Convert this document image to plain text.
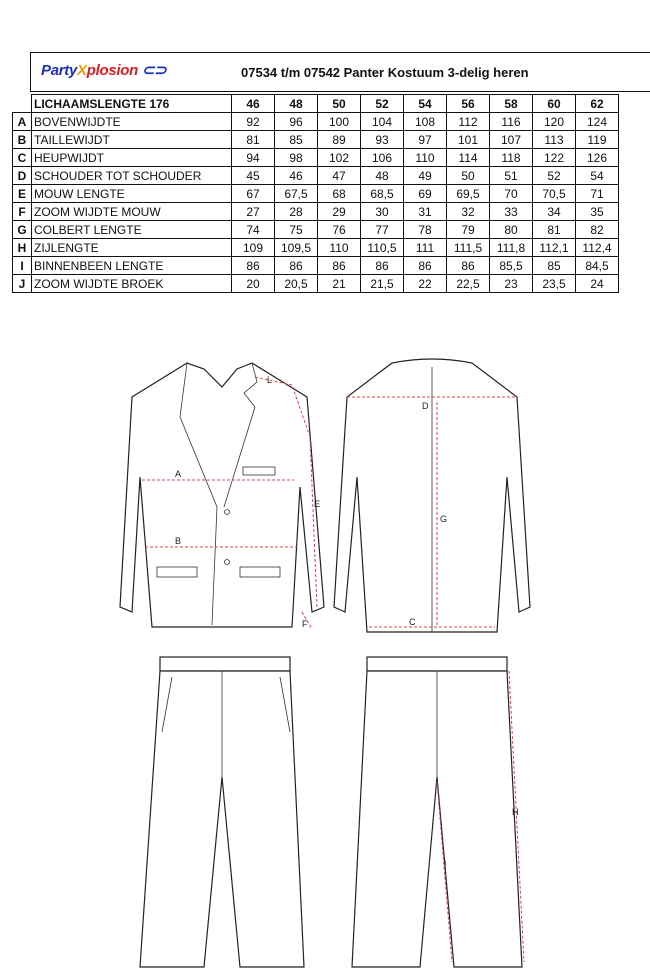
PartyXplosion ⊂⊃	07534 t/m 07542 Panter Kostuum 3-delig heren
	LICHAAMSLENGTE 176	46	48	50	52	54	56	58	60	62
A	BOVENWIJDTE	92	96	100	104	108	112	116	120	124
B	TAILLEWIJDT	81	85	89	93	97	101	107	113	119
C	HEUPWIJDT	94	98	102	106	110	114	118	122	126
D	SCHOUDER TOT SCHOUDER	45	46	47	48	49	50	51	52	54
E	MOUW LENGTE	67	67,5	68	68,5	69	69,5	70	70,5	71
F	ZOOM WIJDTE MOUW	27	28	29	30	31	32	33	34	35
G	COLBERT LENGTE	74	75	76	77	78	79	80	81	82
H	ZIJLENGTE	109	109,5	110	110,5	111	111,5	111,8	112,1	112,4
I	BINNENBEEN LENGTE	86	86	86	86	86	86	85,5	85	84,5
J	ZOOM WIJDTE BROEK	20	20,5	21	21,5	22	22,5	23	23,5	24
A
B
C
D
E
F
G
H
I
L
